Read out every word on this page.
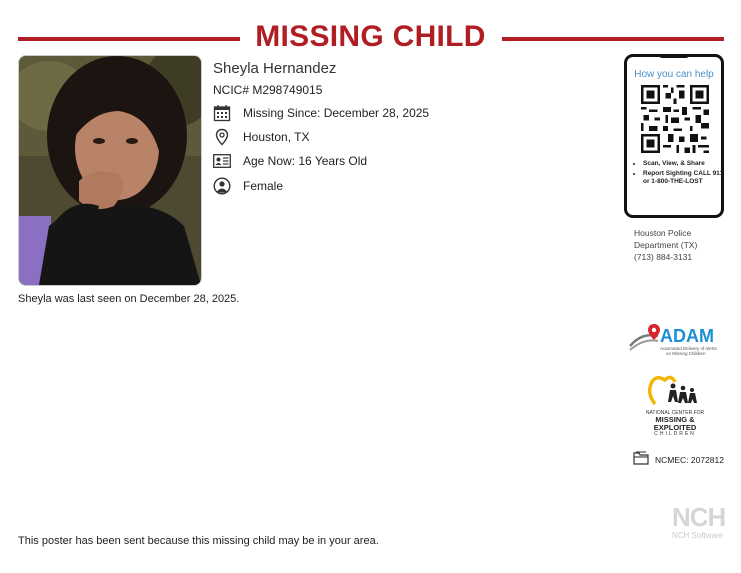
MISSING CHILD
Sheyla Hernandez
NCIC# M298749015
Missing Since: December 28, 2025
Houston, TX
Age Now: 16 Years Old
Female
Sheyla was last seen on December 28, 2025.
How you can help
• Scan, View, & Share
• Report Sighting CALL 911 or 1-800-THE-LOST
Houston Police
Department (TX)
(713) 884-3131
ADAM
Automated Delivery of Alerts
on Missing Children
NATIONAL CENTER FOR
MISSING &
EXPLOITED
CHILDREN
NCMEC: 2072812
This poster has been sent because this missing child may be in your area.
NCH
NCH Software
